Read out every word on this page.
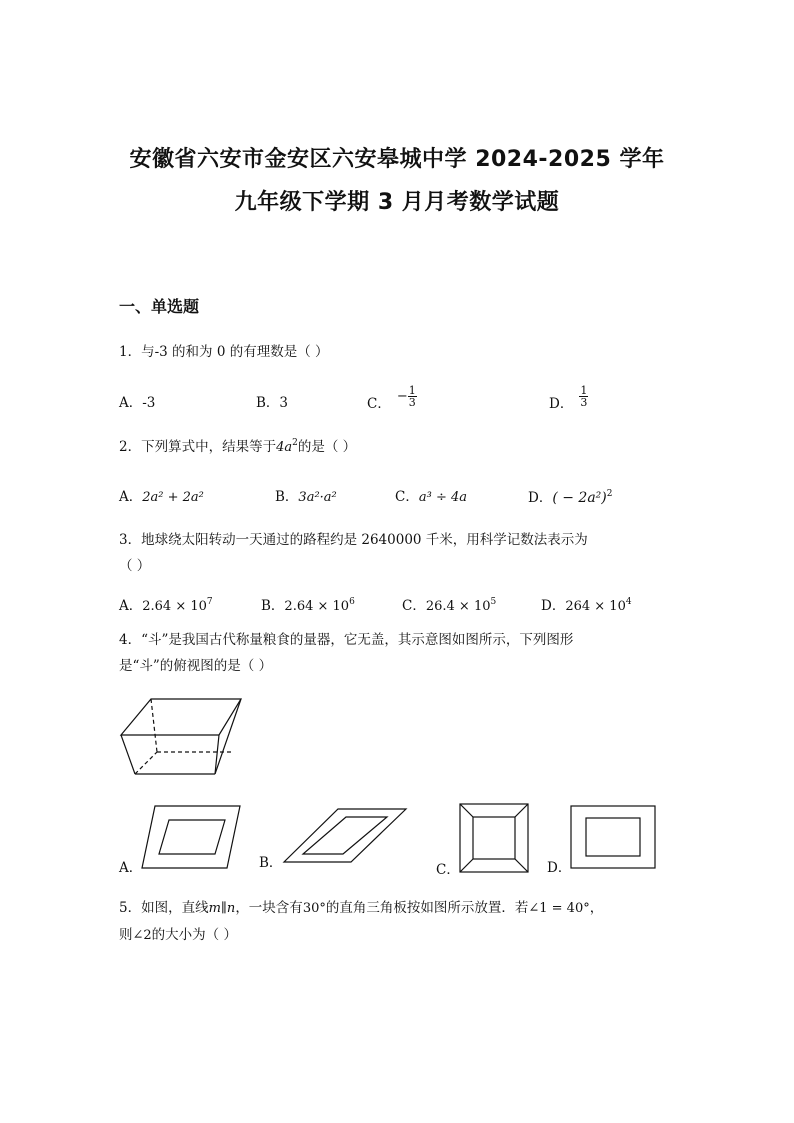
安徽省六安市金安区六安皋城中学 2024-2025 学年
九年级下学期 3 月月考数学试题
一、单选题
1．与-3 的和为 0 的有理数是（ ）
A．-3	B．3	C． − $\frac{1}{3}$	D． $\frac{1}{3}$
2．下列算式中，结果等于$4a^2$的是（ ）
A．2a² + 2a²	B．3a²·a²	C．a³ ÷ 4a	D．( − 2a²)$^2$
3．地球绕太阳转动一天通过的路程约是 2640000 千米，用科学记数法表示为
（ ）
A．$2.64 \times 10^7$	B．$2.64 \times 10^6$	C．$26.4 \times 10^5$	D．$264 \times 10^4$
4．“斗”是我国古代称量粮食的量器，它无盖，其示意图如图所示，下列图形
是“斗”的俯视图的是（ ）
A．	B．	C．	D．
5．如图，直线m∥n，一块含有30°的直角三角板按如图所示放置．若∠1 = 40°，
则∠2的大小为（ ）
